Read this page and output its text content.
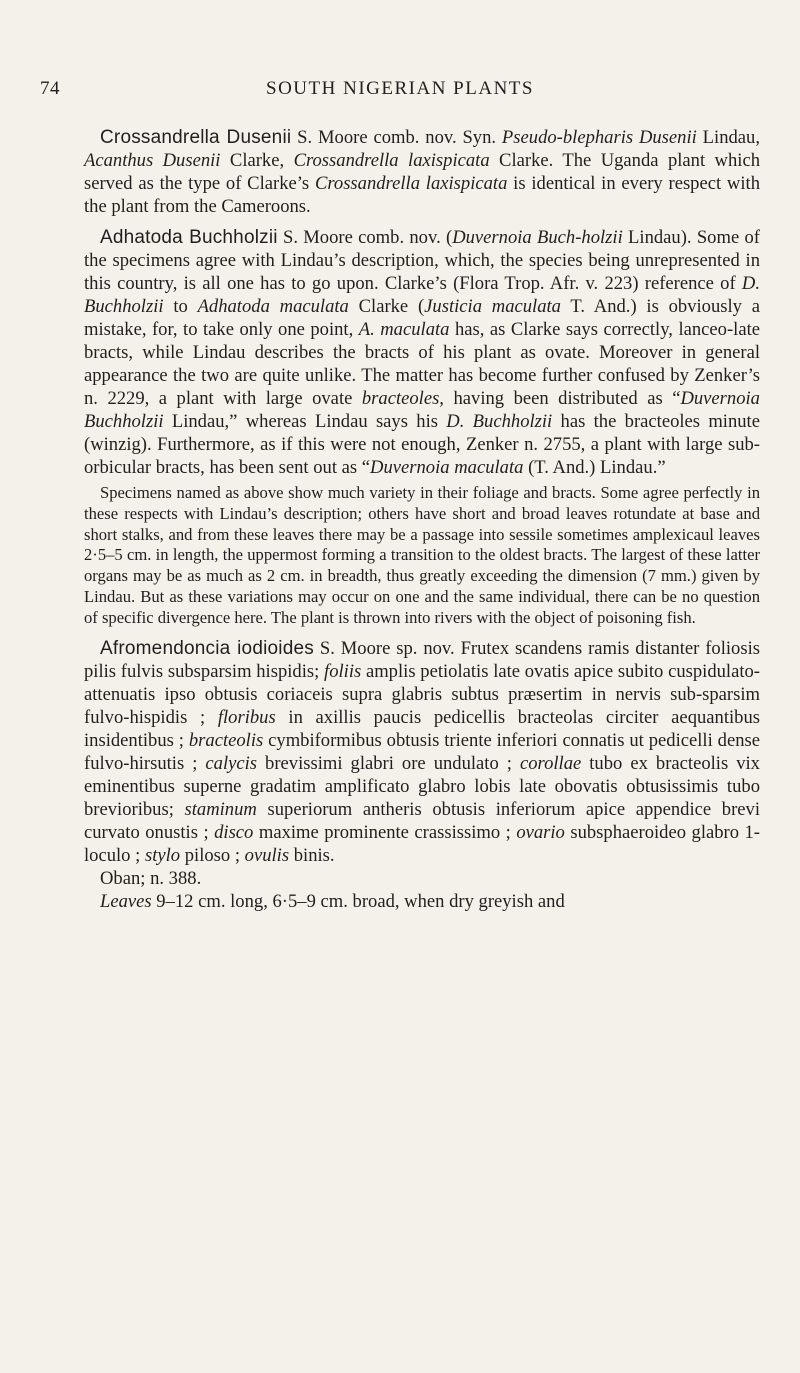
74	SOUTH NIGERIAN PLANTS

Crossandrella Dusenii S. Moore comb. nov. Syn. Pseudo-blepharis Dusenii Lindau, Acanthus Dusenii Clarke, Crossandrella laxispicata Clarke. The Uganda plant which served as the type of Clarke’s Crossandrella laxispicata is identical in every respect with the plant from the Cameroons.

Adhatoda Buchholzii S. Moore comb. nov. (Duvernoia Buch-holzii Lindau). Some of the specimens agree with Lindau’s description, which, the species being unrepresented in this country, is all one has to go upon. Clarke’s (Flora Trop. Afr. v. 223) reference of D. Buchholzii to Adhatoda maculata Clarke (Justicia maculata T. And.) is obviously a mistake, for, to take only one point, A. maculata has, as Clarke says correctly, lanceo-late bracts, while Lindau describes the bracts of his plant as ovate. Moreover in general appearance the two are quite unlike. The matter has become further confused by Zenker’s n. 2229, a plant with large ovate bracteoles, having been distributed as “Duvernoia Buchholzii Lindau,” whereas Lindau says his D. Buchholzii has the bracteoles minute (winzig). Furthermore, as if this were not enough, Zenker n. 2755, a plant with large sub-orbicular bracts, has been sent out as “Duvernoia maculata (T. And.) Lindau.”

Specimens named as above show much variety in their foliage and bracts. Some agree perfectly in these respects with Lindau’s description; others have short and broad leaves rotundate at base and short stalks, and from these leaves there may be a passage into sessile sometimes amplexicaul leaves 2·5–5 cm. in length, the uppermost forming a transition to the oldest bracts. The largest of these latter organs may be as much as 2 cm. in breadth, thus greatly exceeding the dimension (7 mm.) given by Lindau. But as these variations may occur on one and the same individual, there can be no question of specific divergence here. The plant is thrown into rivers with the object of poisoning fish.

Afromendoncia iodioides S. Moore sp. nov. Frutex scandens ramis distanter foliosis pilis fulvis subsparsim hispidis; foliis amplis petiolatis late ovatis apice subito cuspidulato-attenuatis ipso obtusis coriaceis supra glabris subtus præsertim in nervis sub-sparsim fulvo-hispidis ; floribus in axillis paucis pedicellis bracteolas circiter aequantibus insidentibus ; bracteolis cymbiformibus obtusis triente inferiori connatis ut pedicelli dense fulvo-hirsutis ; calycis brevissimi glabri ore undulato ; corollae tubo ex bracteolis vix eminentibus superne gradatim amplificato glabro lobis late obovatis obtusissimis tubo brevioribus; staminum superiorum antheris obtusis inferiorum apice appendice brevi curvato onustis ; disco maxime prominente crassissimo ; ovario subsphaeroideo glabro 1-loculo ; stylo piloso ; ovulis binis.

Oban; n. 388.

Leaves 9–12 cm. long, 6·5–9 cm. broad, when dry greyish and
